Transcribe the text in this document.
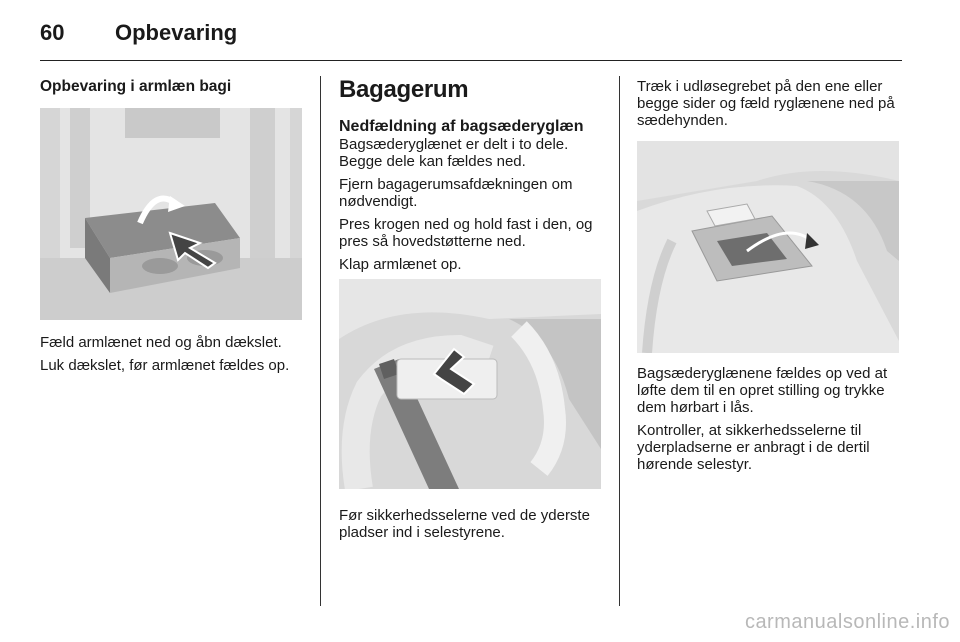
60 Opbevaring
Opbevaring i armlæn bagi

Fæld armlænet ned og åbn dækslet.

Luk dækslet, før armlænet fældes op.

Bagagerum
Nedfældning af bagsæderyglæn

Bagsæderyglænet er delt i to dele. Begge dele kan fældes ned.

Fjern bagagerumsafdækningen om nødvendigt.

Pres krogen ned og hold fast i den, og pres så hovedstøtterne ned.

Klap armlænet op.

Før sikkerhedsselerne ved de yderste pladser ind i selestyrene.

Træk i udløsegrebet på den ene eller begge sider og fæld ryglænene ned på sædehynden.

Bagsæderyglænene fældes op ved at løfte dem til en opret stilling og trykke dem hørbart i lås.

Kontroller, at sikkerhedsselerne til yderpladserne er anbragt i de dertil hørende selestyr.

carmanualsonline.info
